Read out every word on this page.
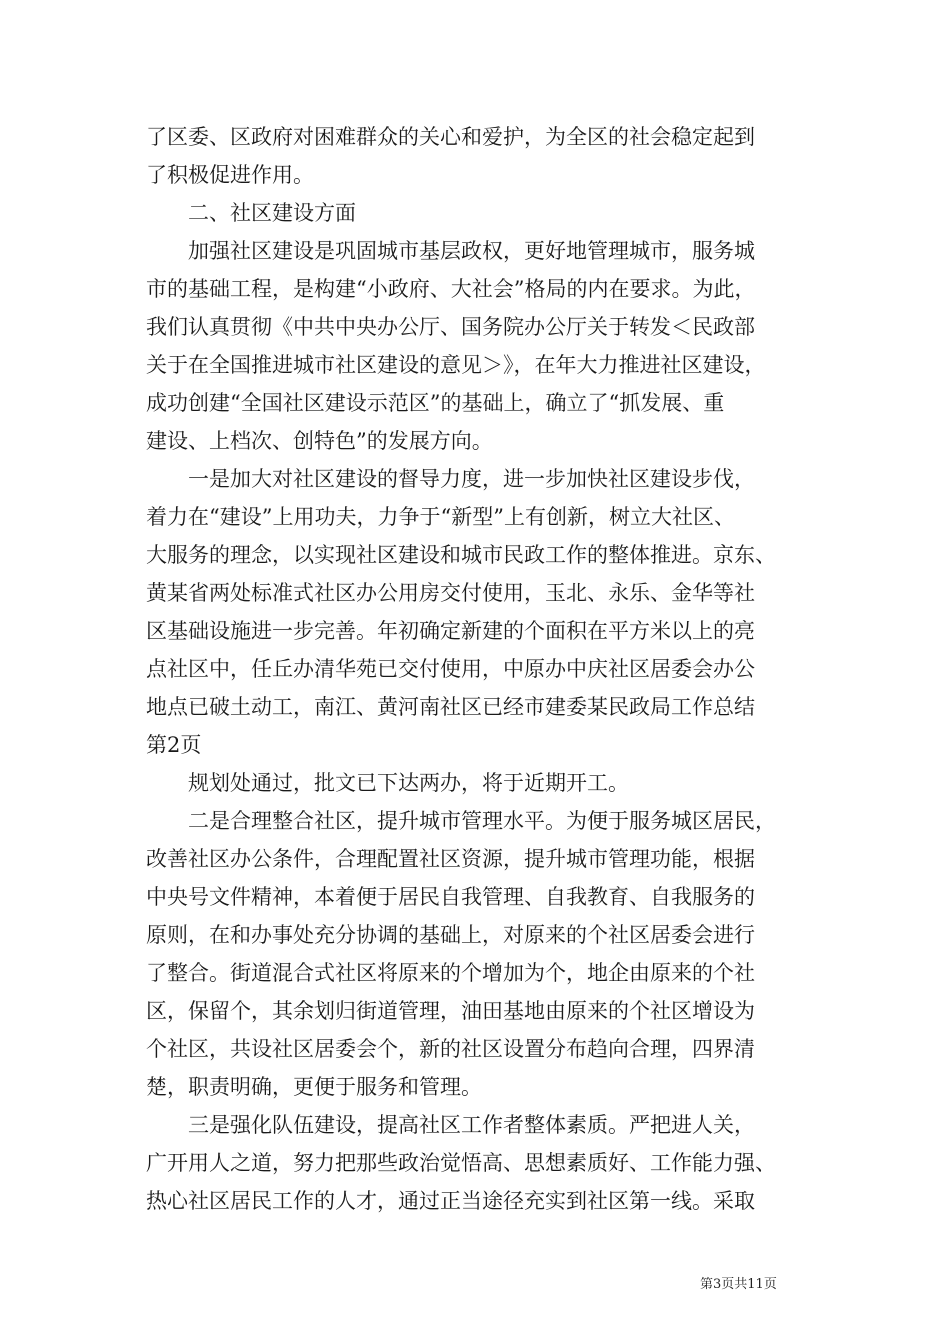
了区委、区政府对困难群众的关心和爱护，为全区的社会稳定起到
了积极促进作用。
二、社区建设方面
加强社区建设是巩固城市基层政权，更好地管理城市，服务城
市的基础工程，是构建“小政府、大社会”格局的内在要求。为此，
我们认真贯彻《中共中央办公厅、国务院办公厅关于转发＜民政部
关于在全国推进城市社区建设的意见＞》，在年大力推进社区建设，
成功创建“全国社区建设示范区”的基础上，确立了“抓发展、重
建设、上档次、创特色”的发展方向。
一是加大对社区建设的督导力度，进一步加快社区建设步伐，
着力在“建设”上用功夫，力争于“新型”上有创新，树立大社区、
大服务的理念，以实现社区建设和城市民政工作的整体推进。京东、
黄某省两处标准式社区办公用房交付使用，玉北、永乐、金华等社
区基础设施进一步完善。年初确定新建的个面积在平方米以上的亮
点社区中，任丘办清华苑已交付使用，中原办中庆社区居委会办公
地点已破土动工，南江、黄河南社区已经市建委某民政局工作总结
第2页
规划处通过，批文已下达两办，将于近期开工。
二是合理整合社区，提升城市管理水平。为便于服务城区居民，
改善社区办公条件，合理配置社区资源，提升城市管理功能，根据
中央号文件精神，本着便于居民自我管理、自我教育、自我服务的
原则，在和办事处充分协调的基础上，对原来的个社区居委会进行
了整合。街道混合式社区将原来的个增加为个，地企由原来的个社
区，保留个，其余划归街道管理，油田基地由原来的个社区增设为
个社区，共设社区居委会个，新的社区设置分布趋向合理，四界清
楚，职责明确，更便于服务和管理。
三是强化队伍建设，提高社区工作者整体素质。严把进人关，
广开用人之道，努力把那些政治觉悟高、思想素质好、工作能力强、
热心社区居民工作的人才，通过正当途径充实到社区第一线。采取
第3页共11页
